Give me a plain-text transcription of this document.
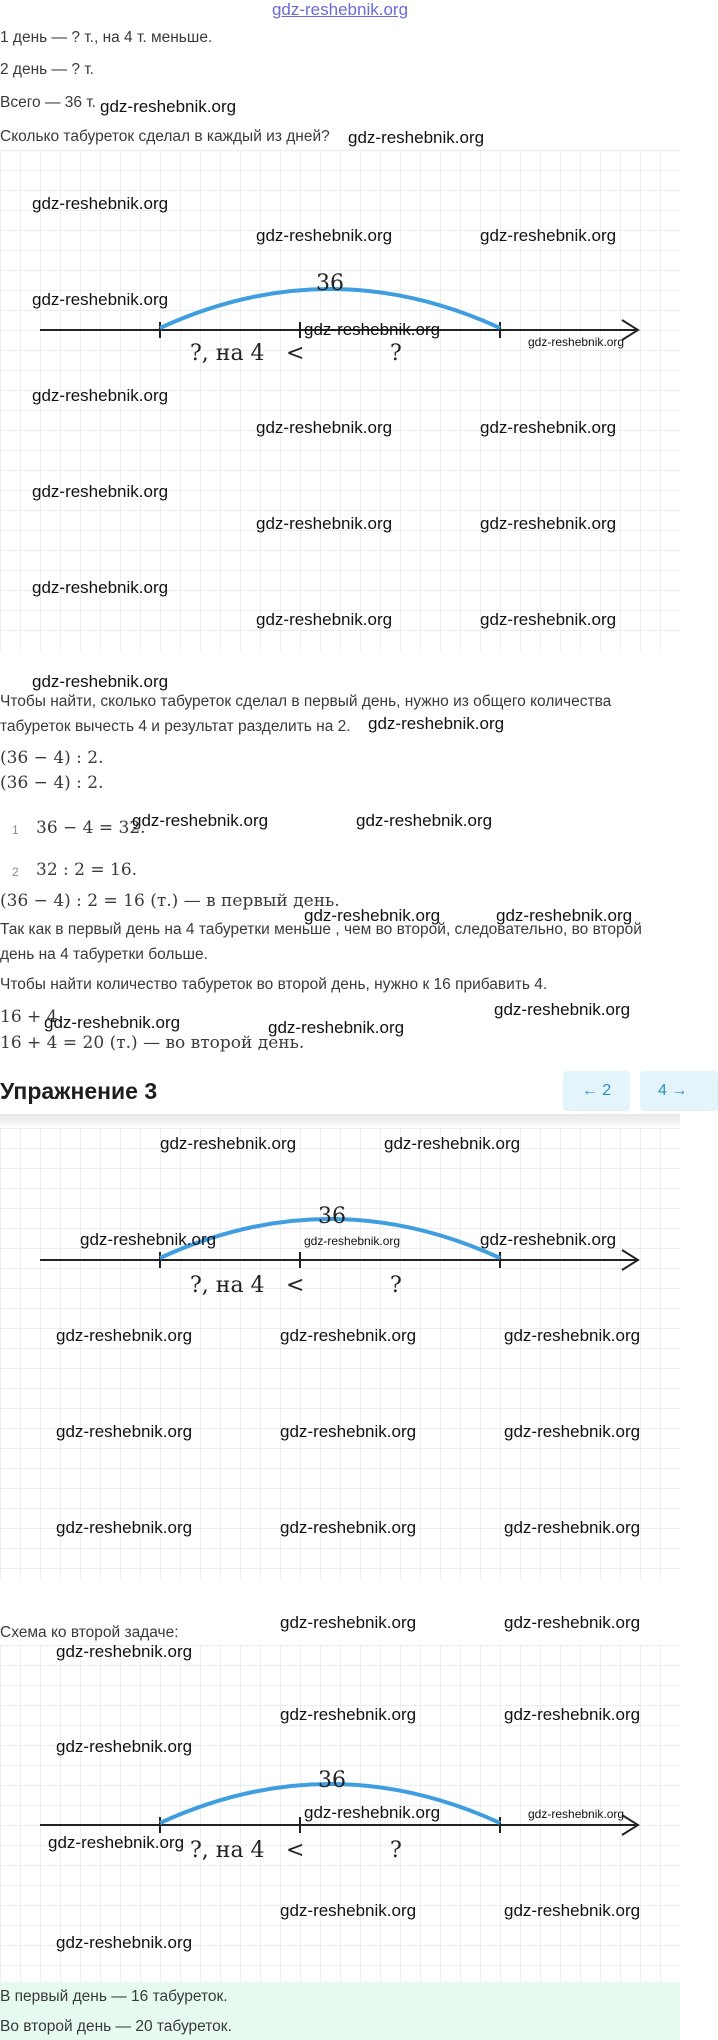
gdz-reshebnik.org
1 день — ? т., на 4 т. меньше.
2 день — ? т.
Всего — 36 т. gdz-reshebnik.org
Сколько табуреток сделал в каждый из дней? gdz-reshebnik.org
36
?, на 4 <	?
gdz-reshebnik.org
gdz-reshebnik.org	gdz-reshebnik.org
gdz-reshebnik.org
gdz-reshebnik.org
gdz-reshebnik.org
gdz-reshebnik.org
gdz-reshebnik.org	gdz-reshebnik.org
gdz-reshebnik.org
gdz-reshebnik.org	gdz-reshebnik.org
gdz-reshebnik.org
gdz-reshebnik.org	gdz-reshebnik.org
gdz-reshebnik.org
Чтобы найти, сколько табуреток сделал в первый день, нужно из общего количества табуреток вычесть 4 и результат разделить на 2.	gdz-reshebnik.org
(36 − 4) : 2.
(36 − 4) : 2.
1 36 − 4 = 32.
gdz-reshebnik.org	gdz-reshebnik.org
2 32 : 2 = 16.
(36 − 4) : 2 = 16 (т.) — в первый день.
gdz-reshebnik.org	gdz-reshebnik.org
Так как в первый день на 4 табуретки меньше , чем во второй, следовательно, во второй день на 4 табуретки больше.
Чтобы найти количество табуреток во второй день, нужно к 16 прибавить 4.
16 + 4.
gdz-reshebnik.org	gdz-reshebnik.org
gdz-reshebnik.org
16 + 4 = 20 (т.) — во второй день.
Упражнение 3	← 2	4 →
36
?, на 4 <	?
gdz-reshebnik.org	gdz-reshebnik.org
gdz-reshebnik.org	gdz-reshebnik.org	gdz-reshebnik.org
gdz-reshebnik.org	gdz-reshebnik.org	gdz-reshebnik.org
gdz-reshebnik.org	gdz-reshebnik.org	gdz-reshebnik.org
gdz-reshebnik.org	gdz-reshebnik.org	gdz-reshebnik.org
Схема ко второй задаче:
gdz-reshebnik.org	gdz-reshebnik.org
36
?, на 4 <	?
gdz-reshebnik.org
gdz-reshebnik.org	gdz-reshebnik.org
gdz-reshebnik.org
gdz-reshebnik.org	gdz-reshebnik.org
gdz-reshebnik.org
gdz-reshebnik.org	gdz-reshebnik.org
gdz-reshebnik.org
В первый день — 16 табуреток.
Во второй день — 20 табуреток.
